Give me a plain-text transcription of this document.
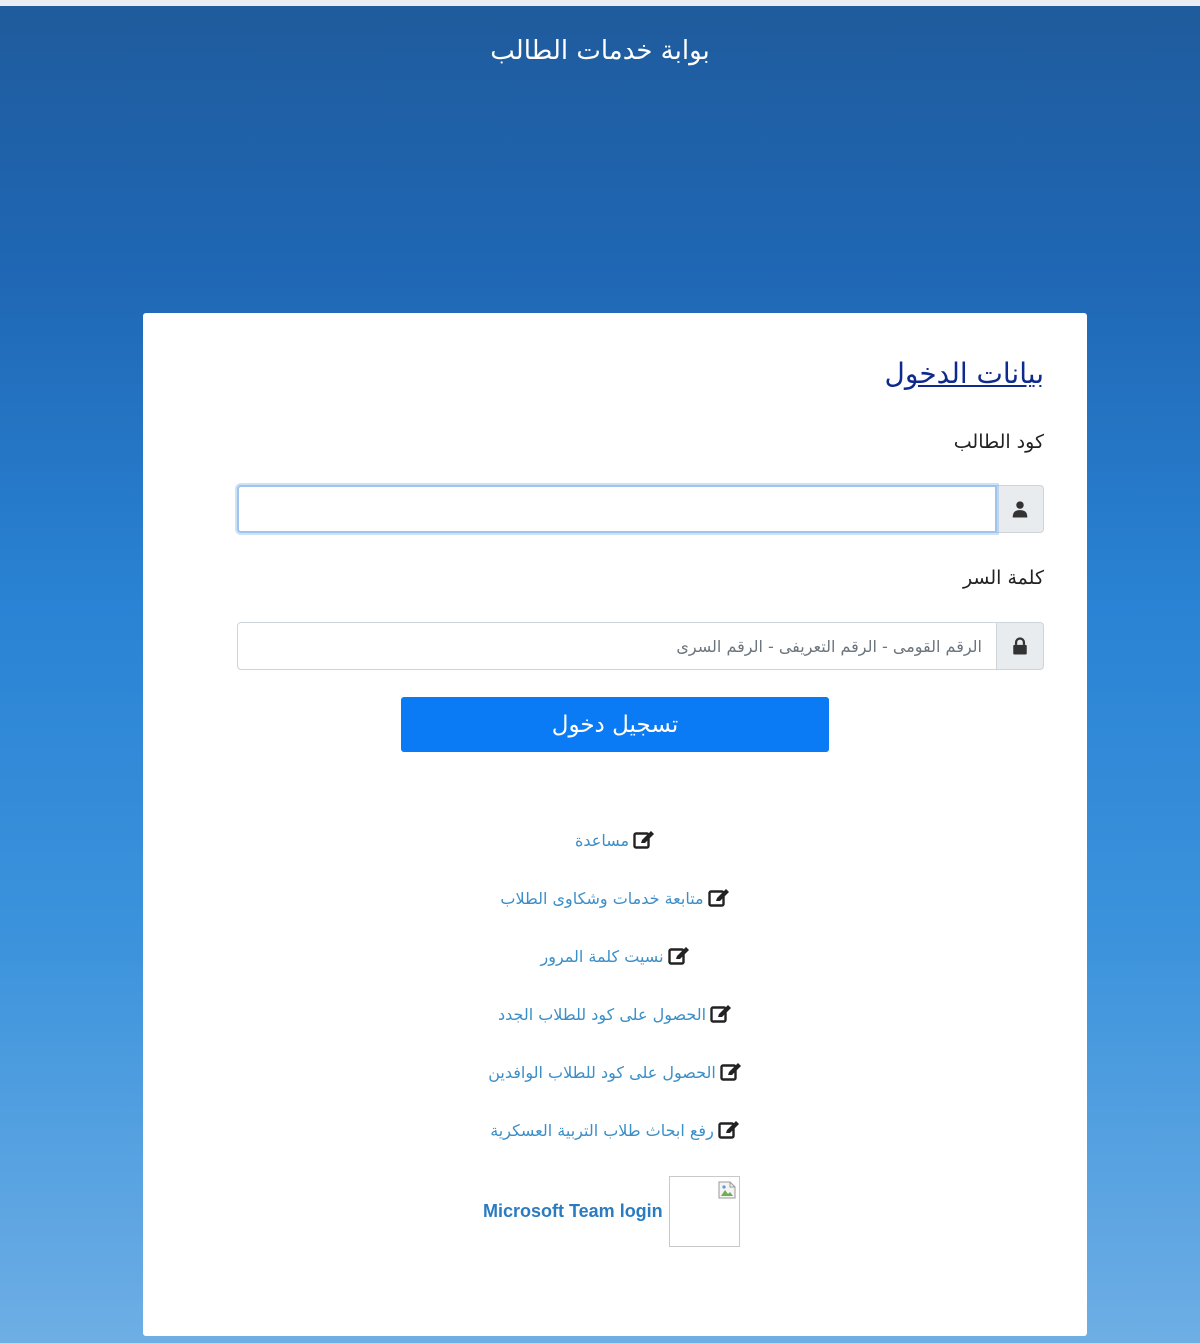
بوابة خدمات الطالب
بيانات الدخول
كود الطالب
كلمة السر
تسجيل دخول
مساعدة
متابعة خدمات وشكاوى الطلاب
نسيت كلمة المرور
الحصول على كود للطلاب الجدد
الحصول على كود للطلاب الوافدين
رفع ابحاث طلاب التربية العسكرية
Microsoft Team login
